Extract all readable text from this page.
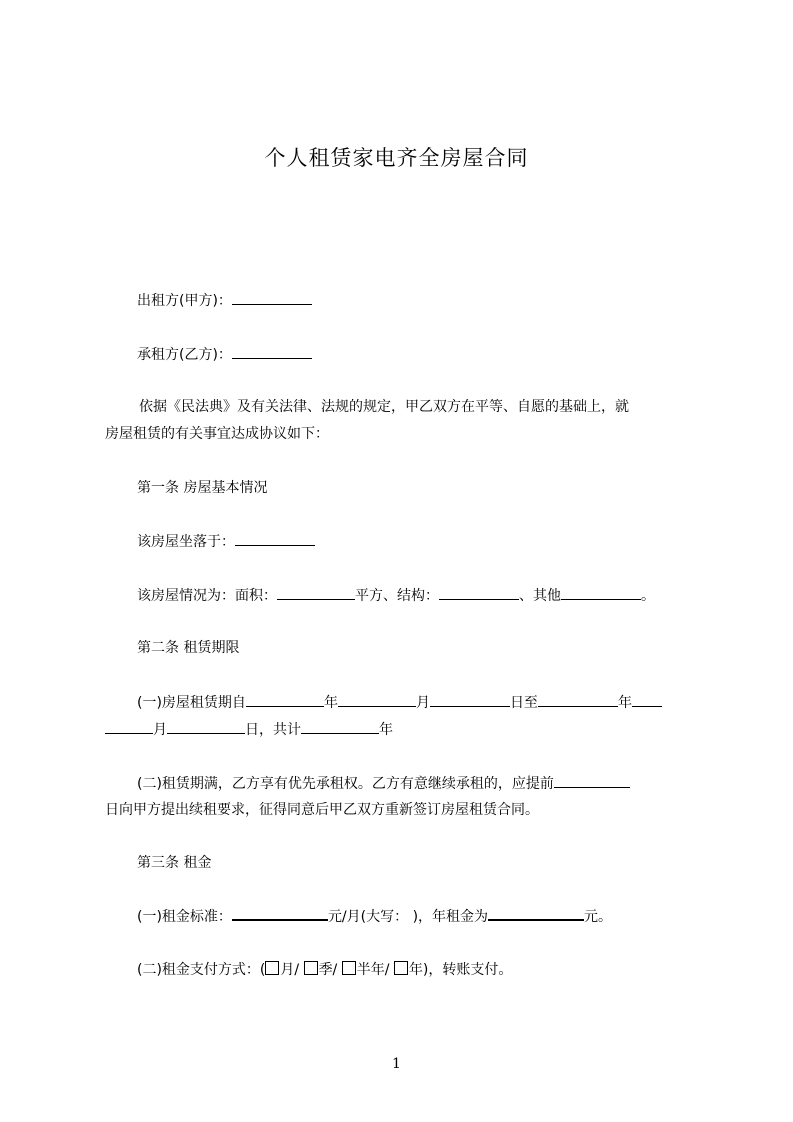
个人租赁家电齐全房屋合同
出租方(甲方)：
承租方(乙方)：
依据《民法典》及有关法律、法规的规定，甲乙双方在平等、自愿的基础上，就
房屋租赁的有关事宜达成协议如下：
第一条 房屋基本情况
该房屋坐落于：
该房屋情况为：面积：	平方、结构：	、其他	。
第二条 租赁期限
(一)房屋租赁期自	年	月	日至	年
月	日，共计	年
(二)租赁期满，乙方享有优先承租权。乙方有意继续承租的，应提前
日向甲方提出续租要求，征得同意后甲乙双方重新签订房屋租赁合同。
第三条 租金
(一)租金标准：	元/月(大写： )，年租金为	元。
(二)租金支付方式：( 月/ 季/ 半年/ 年)，转账支付。
1
